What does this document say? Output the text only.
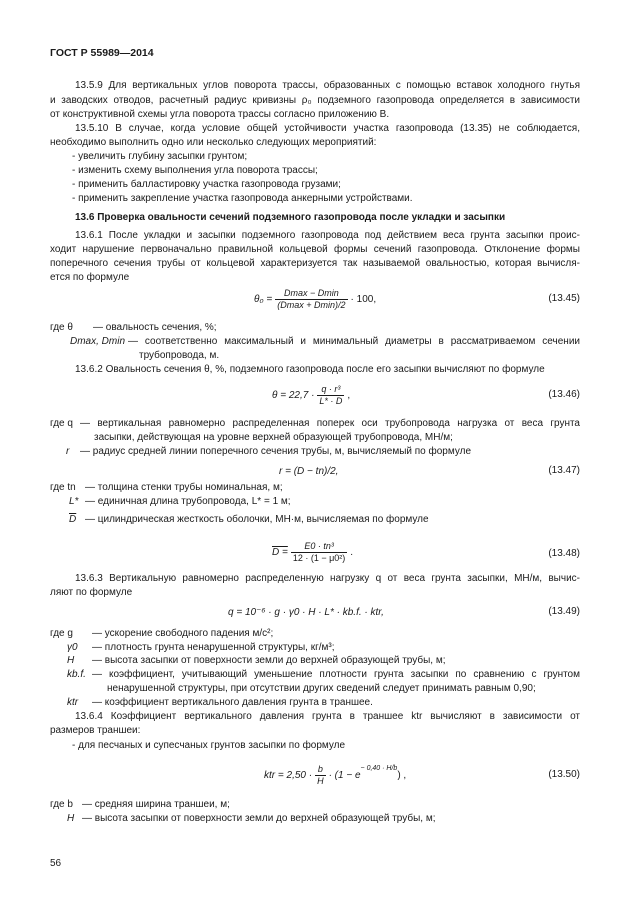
ГОСТ Р 55989—2014
13.5.9 Для вертикальных углов поворота трассы, образованных с помощью вставок холодного гнутья
и заводских отводов, расчетный радиус кривизны ρ₀ подземного газопровода определяется в зависимости
от конструктивной схемы угла поворота трассы согласно приложению В.
13.5.10 В случае, когда условие общей устойчивости участка газопровода (13.35) не соблюдается,
необходимо выполнить одно или несколько следующих мероприятий:
- увеличить глубину засыпки грунтом;
- изменить схему выполнения угла поворота трассы;
- применить балластировку участка газопровода грузами;
- применить закрепление участка газопровода анкерными устройствами.
13.6 Проверка овальности сечений подземного газопровода после укладки и засыпки
13.6.1 После укладки и засыпки подземного газопровода под действием веса грунта засыпки проис-
ходит нарушение первоначально правильной кольцевой формы сечений газопровода. Отклонение формы
поперечного сечения трубы от кольцевой характеризуется так называемой овальностью, которая вычисля-
ется по формуле
$\theta_0 = \frac{Dmax - Dmin}{(Dmax + Dmin)/2} \cdot 100$,	(13.45)
где θ — овальность сечения, %;
Dmax, Dmin — соответственно максимальный и минимальный диаметры в рассматриваемом сечении
трубопровода, м.
13.6.2 Овальность сечения θ, %, подземного газопровода после его засыпки вычисляют по формуле
$\theta = 22,7 \cdot \frac{\text{q · r³}}{L* \cdot D}$ ,	(13.46)
где q — вертикальная равномерно распределенная поперек оси трубопровода нагрузка от веса грунта
засыпки, действующая на уровне верхней образующей трубопровода, МН/м;
r — радиус средней линии поперечного сечения трубы, м, вычисляемый по формуле
r = (D − tn)/2,	(13.47)
где tn — толщина стенки трубы номинальная, м;
L* — единичная длина трубопровода, L* = 1 м;
$\overline{D}$ — цилиндрическая жесткость оболочки, МН·м, вычисляемая по формуле
$D = \frac{\text{E0 · tn³}}{\text{12 · (1 − μ0²)}}$ .	(13.48)
13.6.3 Вертикальную равномерно распределенную нагрузку q от веса грунта засыпки, МН/м, вычис-
ляют по формуле
q = 10⁻⁶ · g · γ0 · H · L* · kb.f. · ktr,	(13.49)
где g — ускорение свободного падения м/с²;
γ0 — плотность грунта ненарушенной структуры, кг/м³;
H — высота засыпки от поверхности земли до верхней образующей трубы, м;
kb.f. — коэффициент, учитывающий уменьшение плотности грунта засыпки по сравнению с грунтом
ненарушенной структуры, при отсутствии других сведений следует принимать равным 0,90;
ktr — коэффициент вертикального давления грунта в траншее.
13.6.4 Коэффициент вертикального давления грунта в траншее ktr вычисляют в зависимости от
размеров траншеи:
- для песчаных и супесчаных грунтов засыпки по формуле
ktr = $2,50 \cdot \frac{b}{H} \cdot (1 - e$
$^{- 0,40 \cdot H/b}$
) ,	(13.50)
где b — средняя ширина траншеи, м;
H — высота засыпки от поверхности земли до верхней образующей трубы, м;
56
